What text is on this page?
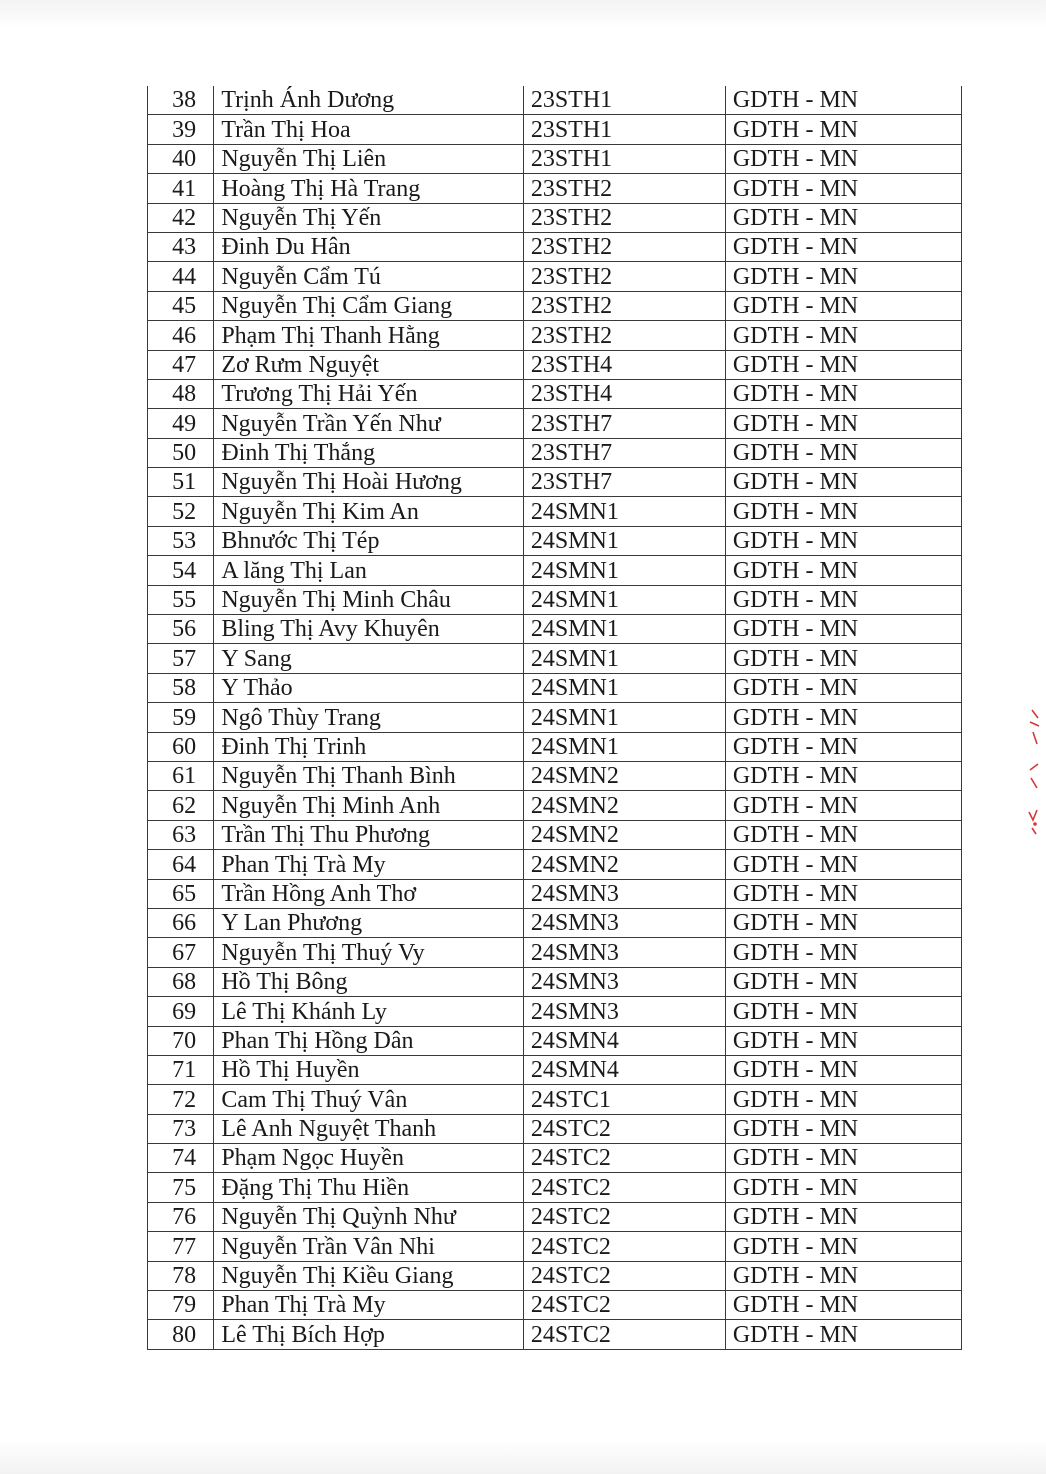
38	Trịnh Ánh Dương	23STH1	GDTH - MN
39	Trần Thị Hoa	23STH1	GDTH - MN
40	Nguyễn Thị Liên	23STH1	GDTH - MN
41	Hoàng Thị Hà Trang	23STH2	GDTH - MN
42	Nguyễn Thị Yến	23STH2	GDTH - MN
43	Đinh Du Hân	23STH2	GDTH - MN
44	Nguyễn Cẩm Tú	23STH2	GDTH - MN
45	Nguyễn Thị Cẩm Giang	23STH2	GDTH - MN
46	Phạm Thị Thanh Hằng	23STH2	GDTH - MN
47	Zơ Rưm Nguyệt	23STH4	GDTH - MN
48	Trương Thị Hải Yến	23STH4	GDTH - MN
49	Nguyễn Trần Yến Như	23STH7	GDTH - MN
50	Đinh Thị Thắng	23STH7	GDTH - MN
51	Nguyễn Thị Hoài Hương	23STH7	GDTH - MN
52	Nguyễn Thị Kim An	24SMN1	GDTH - MN
53	Bhnước Thị Tép	24SMN1	GDTH - MN
54	A lăng Thị Lan	24SMN1	GDTH - MN
55	Nguyễn Thị Minh Châu	24SMN1	GDTH - MN
56	Bling Thị Avy Khuyên	24SMN1	GDTH - MN
57	Y Sang	24SMN1	GDTH - MN
58	Y Thảo	24SMN1	GDTH - MN
59	Ngô Thùy Trang	24SMN1	GDTH - MN
60	Đinh Thị Trinh	24SMN1	GDTH - MN
61	Nguyễn Thị Thanh Bình	24SMN2	GDTH - MN
62	Nguyễn Thị Minh Anh	24SMN2	GDTH - MN
63	Trần Thị Thu Phương	24SMN2	GDTH - MN
64	Phan Thị Trà My	24SMN2	GDTH - MN
65	Trần Hồng Anh Thơ	24SMN3	GDTH - MN
66	Y Lan Phương	24SMN3	GDTH - MN
67	Nguyễn Thị Thuý Vy	24SMN3	GDTH - MN
68	Hồ Thị Bông	24SMN3	GDTH - MN
69	Lê Thị Khánh Ly	24SMN3	GDTH - MN
70	Phan Thị Hồng Dân	24SMN4	GDTH - MN
71	Hồ Thị Huyền	24SMN4	GDTH - MN
72	Cam Thị Thuý Vân	24STC1	GDTH - MN
73	Lê Anh Nguyệt Thanh	24STC2	GDTH - MN
74	Phạm Ngọc Huyền	24STC2	GDTH - MN
75	Đặng Thị Thu Hiền	24STC2	GDTH - MN
76	Nguyễn Thị Quỳnh Như	24STC2	GDTH - MN
77	Nguyễn Trần Vân Nhi	24STC2	GDTH - MN
78	Nguyễn Thị Kiều Giang	24STC2	GDTH - MN
79	Phan Thị Trà My	24STC2	GDTH - MN
80	Lê Thị Bích Hợp	24STC2	GDTH - MN
